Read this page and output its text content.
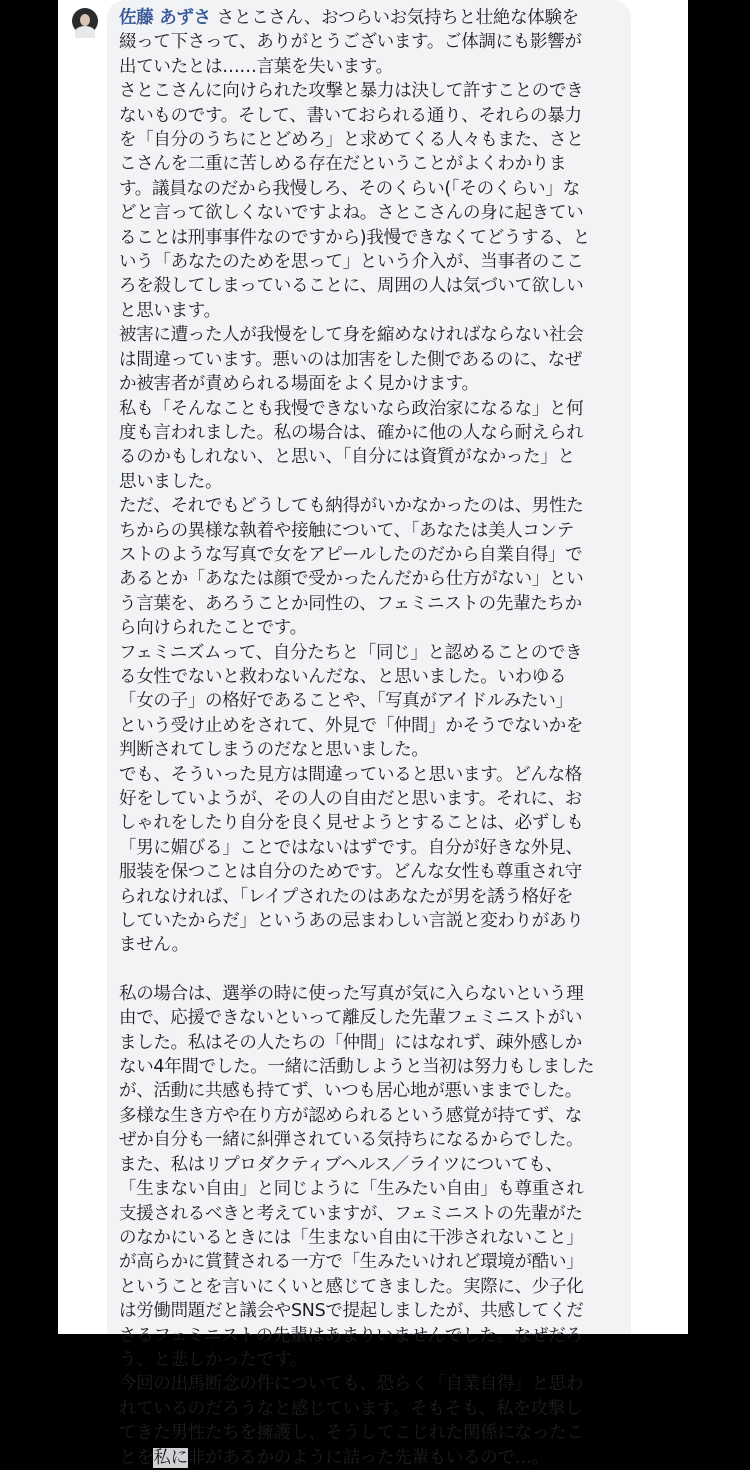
佐藤 あずさ さとこさん、おつらいお気持ちと壮絶な体験を
綴って下さって、ありがとうございます。ご体調にも影響が
出ていたとは……言葉を失います。
さとこさんに向けられた攻撃と暴力は決して許すことのでき
ないものです。そして、書いておられる通り、それらの暴力
を「自分のうちにとどめろ」と求めてくる人々もまた、さと
こさんを二重に苦しめる存在だということがよくわかりま
す。議員なのだから我慢しろ、そのくらい(「そのくらい」な
どと言って欲しくないですよね。さとこさんの身に起きてい
ることは刑事事件なのですから)我慢できなくてどうする、と
いう「あなたのためを思って」という介入が、当事者のここ
ろを殺してしまっていることに、周囲の人は気づいて欲しい
と思います。
被害に遭った人が我慢をして身を縮めなければならない社会
は間違っています。悪いのは加害をした側であるのに、なぜ
か被害者が責められる場面をよく見かけます。
私も「そんなことも我慢できないなら政治家になるな」と何
度も言われました。私の場合は、確かに他の人なら耐えられ
るのかもしれない、と思い、「自分には資質がなかった」と
思いました。
ただ、それでもどうしても納得がいかなかったのは、男性た
ちからの異様な執着や接触について、「あなたは美人コンテ
ストのような写真で女をアピールしたのだから自業自得」で
あるとか「あなたは顔で受かったんだから仕方がない」とい
う言葉を、あろうことか同性の、フェミニストの先輩たちか
ら向けられたことです。
フェミニズムって、自分たちと「同じ」と認めることのでき
る女性でないと救わないんだな、と思いました。いわゆる
「女の子」の格好であることや、「写真がアイドルみたい」
という受け止めをされて、外見で「仲間」かそうでないかを
判断されてしまうのだなと思いました。
でも、そういった見方は間違っていると思います。どんな格
好をしていようが、その人の自由だと思います。それに、お
しゃれをしたり自分を良く見せようとすることは、必ずしも
「男に媚びる」ことではないはずです。自分が好きな外見、
服装を保つことは自分のためです。どんな女性も尊重され守
られなければ、「レイプされたのはあなたが男を誘う格好を
していたからだ」というあの忌まわしい言説と変わりがあり
ません。
私の場合は、選挙の時に使った写真が気に入らないという理
由で、応援できないといって離反した先輩フェミニストがい
ました。私はその人たちの「仲間」にはなれず、疎外感しか
ない4年間でした。一緒に活動しようと当初は努力もしました
が、活動に共感も持てず、いつも居心地が悪いままでした。
多様な生き方や在り方が認められるという感覚が持てず、な
ぜか自分も一緒に糾弾されている気持ちになるからでした。
また、私はリプロダクティブヘルス／ライツについても、
「生まない自由」と同じように「生みたい自由」も尊重され
支援されるべきと考えていますが、フェミニストの先輩がた
のなかにいるときには「生まない自由に干渉されないこと」
が高らかに賞賛される一方で「生みたいけれど環境が酷い」
ということを言いにくいと感じてきました。実際に、少子化
は労働問題だと議会やSNSで提起しましたが、共感してくだ
さるフェミニストの先輩はあまりいませんでした。なぜだろ
う、と悲しかったです。
今回の出馬断念の件についても、恐らく「自業自得」と思わ
れているのだろうなと感じています。そもそも、私を攻撃し
てきた男性たちを擁護し、そうしてこじれた関係になったこ
とを私に非があるかのように詰った先輩もいるので…。
